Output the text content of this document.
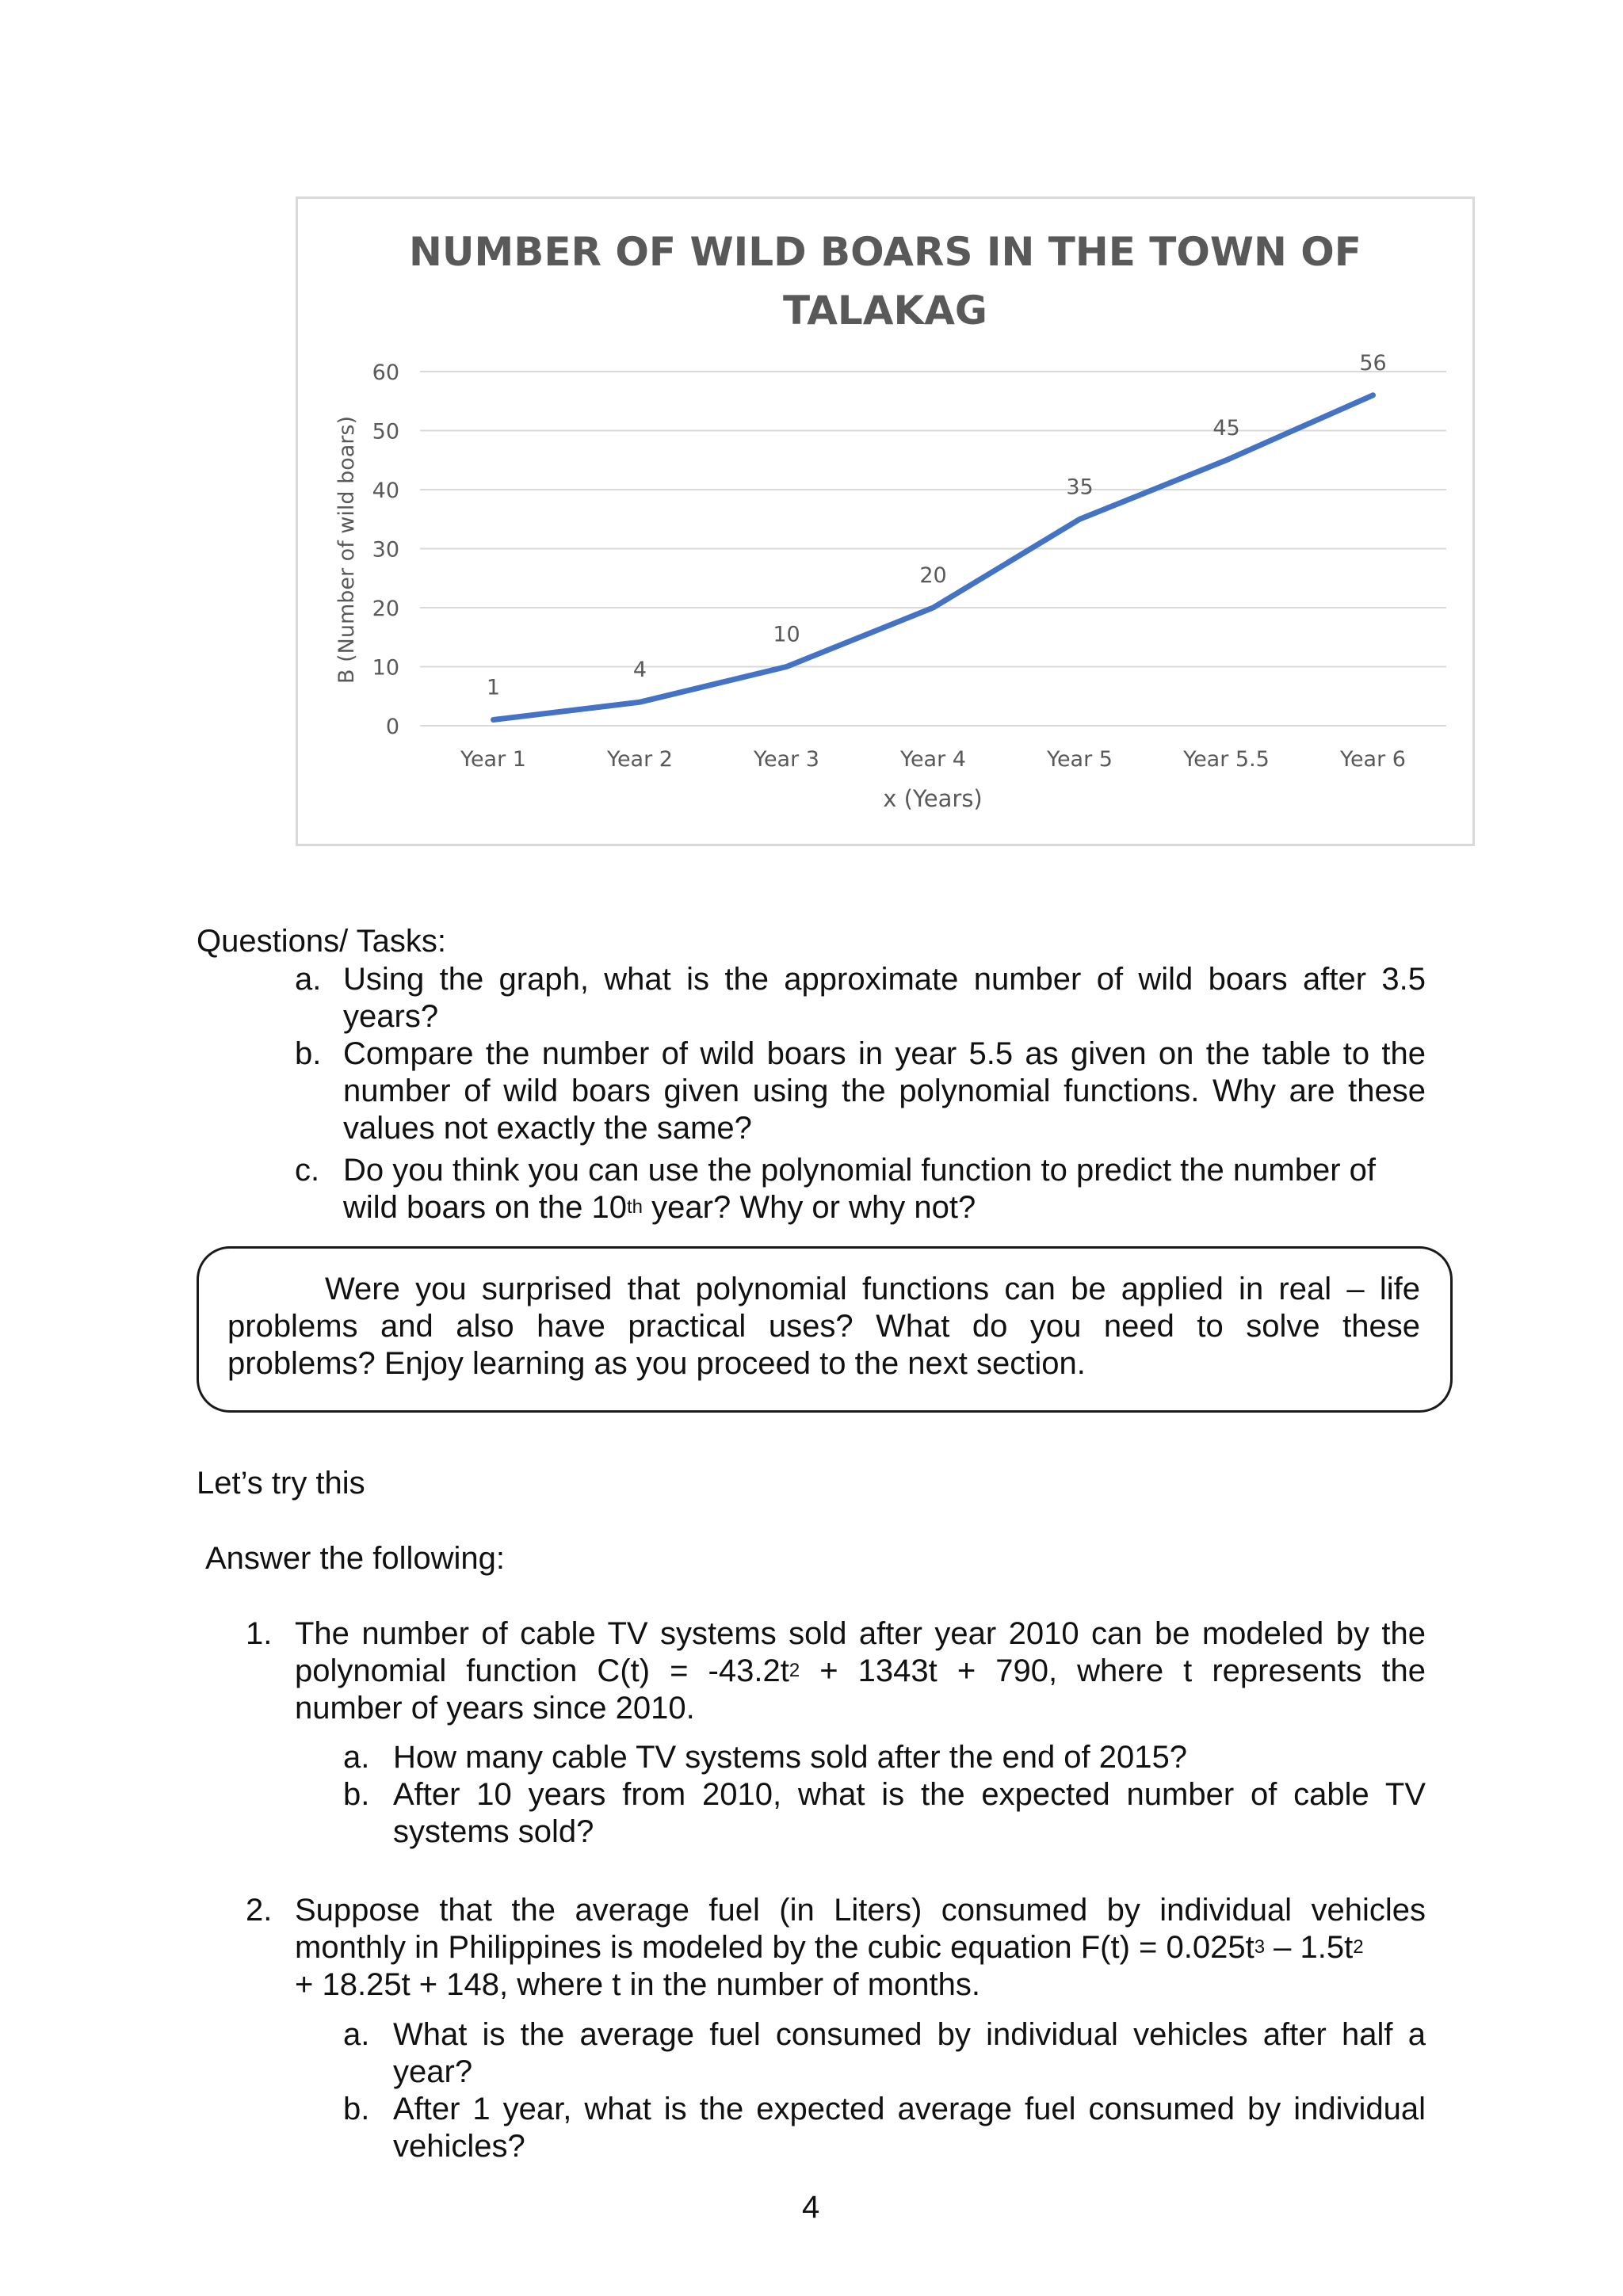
NUMBER OF WILD BOARS IN THE TOWN OF
TALAKAG
0
10
20
30
40
50
60
Year 1	Year 2	Year 3	Year 4	Year 5	Year 5.5	Year 6
1
4
10
20
35
45
56
B (Number of wild boars)
x (Years)
Questions/ Tasks:
a. Using the graph, what is the approximate number of wild boars after 3.5
years?
b. Compare the number of wild boars in year 5.5 as given on the table to the
number of wild boars given using the polynomial functions. Why are these
values not exactly the same?
c. Do you think you can use the polynomial function to predict the number of
wild boars on the 10th year? Why or why not?
Were you surprised that polynomial functions can be applied in real – life
problems and also have practical uses? What do you need to solve these
problems? Enjoy learning as you proceed to the next section.
Let’s try this
Answer the following:
1. The number of cable TV systems sold after year 2010 can be modeled by the
polynomial function $C(t) = -43.2t^2 + 1343t + 790$, where t represents the
number of years since 2010.
a. How many cable TV systems sold after the end of 2015?
b. After 10 years from 2010, what is the expected number of cable TV
systems sold?
2. Suppose that the average fuel (in Liters) consumed by individual vehicles
monthly in Philippines is modeled by the cubic equation $F(t) = 0.025t^3 - 1.5t^2$
+ 18.25t + 148, where t in the number of months.
a. What is the average fuel consumed by individual vehicles after half a
year?
b. After 1 year, what is the expected average fuel consumed by individual
vehicles?
4
